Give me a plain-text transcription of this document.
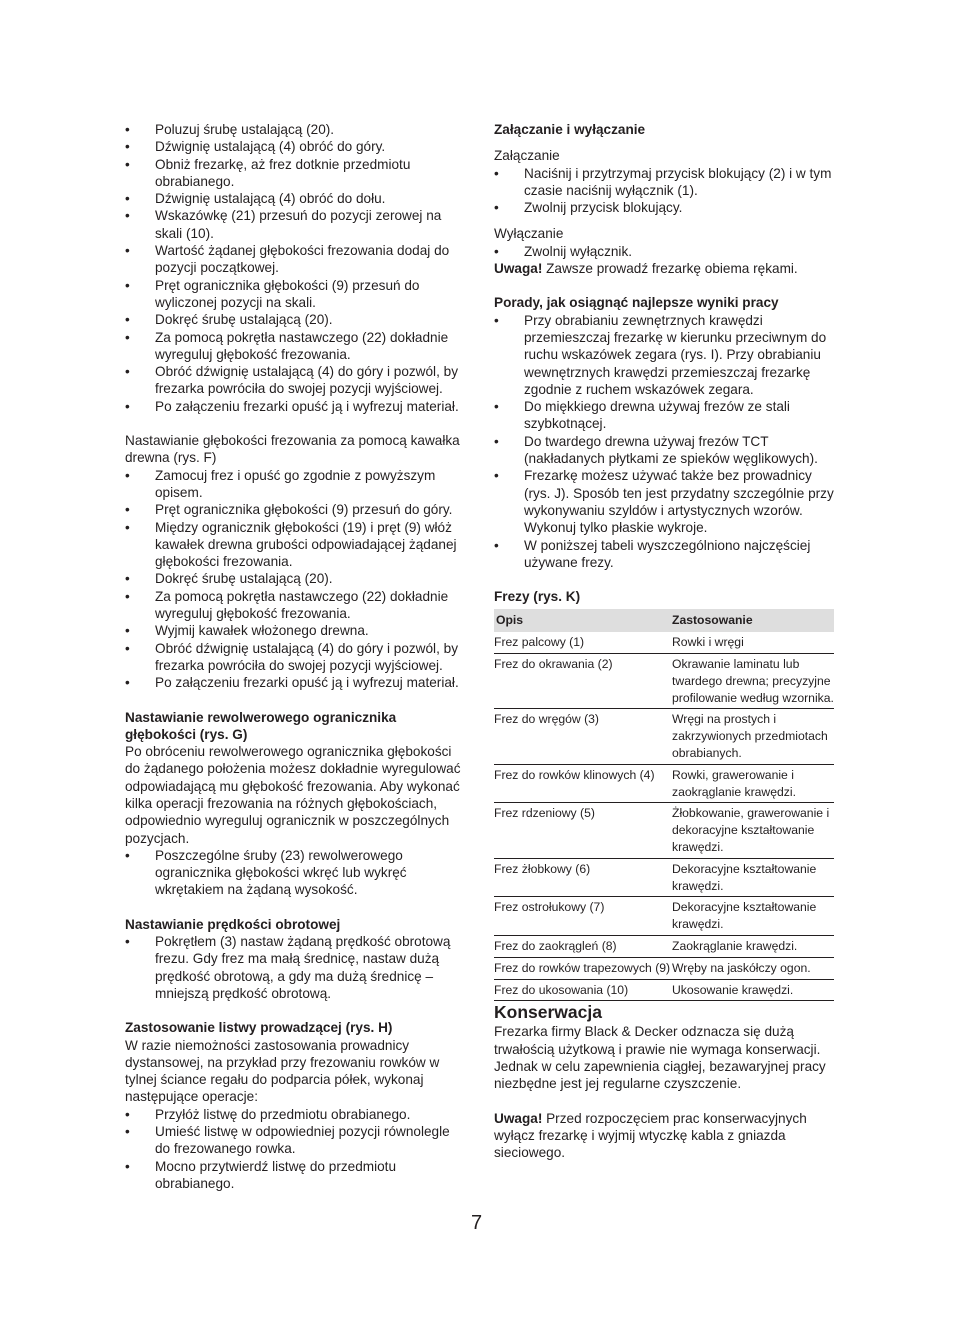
• Poluzuj śrubę ustalającą (20).
• Dźwignię ustalającą (4) obróć do góry.
• Obniż frezarkę, aż frez dotknie przedmiotu obrabianego.
• Dźwignię ustalającą (4) obróć do dołu.
• Wskazówkę (21) przesuń do pozycji zerowej na skali (10).
• Wartość żądanej głębokości frezowania dodaj do pozycji początkowej.
• Pręt ogranicznika głębokości (9) przesuń do wyliczonej pozycji na skali.
• Dokręć śrubę ustalającą (20).
• Za pomocą pokrętła nastawczego (22) dokładnie wyreguluj głębokość frezowania.
• Obróć dźwignię ustalającą (4) do góry i pozwól, by frezarka powróciła do swojej pozycji wyjściowej.
• Po załączeniu frezarki opuść ją i wyfrezuj materiał.

Nastawianie głębokości frezowania za pomocą kawałka drewna (rys. F)

• Zamocuj frez i opuść go zgodnie z powyższym opisem.
• Pręt ogranicznika głębokości (9) przesuń do góry.
• Między ogranicznik głębokości (19) i pręt (9) włóż kawałek drewna grubości odpowiadającej żądanej głębokości frezowania.
• Dokręć śrubę ustalającą (20).
• Za pomocą pokrętła nastawczego (22) dokładnie wyreguluj głębokość frezowania.
• Wyjmij kawałek włożonego drewna.
• Obróć dźwignię ustalającą (4) do góry i pozwól, by frezarka powróciła do swojej pozycji wyjściowej.
• Po załączeniu frezarki opuść ją i wyfrezuj materiał.

Nastawianie rewolwerowego ogranicznika głębokości (rys. G)

Po obróceniu rewolwerowego ogranicznika głębokości do żądanego położenia możesz dokładnie wyregulować odpowiadającą mu głębokość frezowania. Aby wykonać kilka operacji frezowania na różnych głębokościach, odpowiednio wyreguluj ogranicznik w poszczególnych pozycjach.

• Poszczególne śruby (23) rewolwerowego ogranicznika głębokości wkręć lub wykręć wkrętakiem na żądaną wysokość.

Nastawianie prędkości obrotowej

• Pokrętłem (3) nastaw żądaną prędkość obrotową frezu. Gdy frez ma małą średnicę, nastaw dużą prędkość obrotową, a gdy ma dużą średnicę – mniejszą prędkość obrotową.

Zastosowanie listwy prowadzącej (rys. H)

W razie niemożności zastosowania prowadnicy dystansowej, na przykład przy frezowaniu rowków w tylnej ściance regału do podparcia półek, wykonaj następujące operacje:

• Przyłóż listwę do przedmiotu obrabianego.
• Umieść listwę w odpowiedniej pozycji równolegle do frezowanego rowka.
• Mocno przytwierdź listwę do przedmiotu obrabianego.

Załączanie i wyłączanie

Załączanie

• Naciśnij i przytrzymaj przycisk blokujący (2) i w tym czasie naciśnij wyłącznik (1).
• Zwolnij przycisk blokujący.

Wyłączanie

• Zwolnij wyłącznik.

Uwaga! Zawsze prowadź frezarkę obiema rękami.

Porady, jak osiągnąć najlepsze wyniki pracy

• Przy obrabianiu zewnętrznych krawędzi przemieszczaj frezarkę w kierunku przeciwnym do ruchu wskazówek zegara (rys. I). Przy obrabianiu wewnętrznych krawędzi przemieszczaj frezarkę zgodnie z ruchem wskazówek zegara.
• Do miękkiego drewna używaj frezów ze stali szybkotnącej.
• Do twardego drewna używaj frezów TCT (nakładanych płytkami ze spieków węglikowych).
• Frezarkę możesz używać także bez prowadnicy (rys. J). Sposób ten jest przydatny szczególnie przy wykonywaniu szyldów i artystycznych wzorów. Wykonuj tylko płaskie wykroje.
• W poniższej tabeli wyszczególniono najczęściej używane frezy.

Frezy (rys. K)

Opis	Zastosowanie
Frez palcowy (1)	Rowki i wręgi
Frez do okrawania (2)	Okrawanie laminatu lub twardego drewna; precyzyjne profilowanie według wzornika.
Frez do wręgów (3)	Wręgi na prostych i zakrzywionych przedmiotach obrabianych.
Frez do rowków klinowych (4)	Rowki, grawerowanie i zaokrąglanie krawędzi.
Frez rdzeniowy (5)	Żłobkowanie, grawerowanie i dekoracyjne kształtowanie krawędzi.
Frez żłobkowy (6)	Dekoracyjne kształtowanie krawędzi.
Frez ostrołukowy (7)	Dekoracyjne kształtowanie krawędzi.
Frez do zaokrągleń (8)	Zaokrąglanie krawędzi.
Frez do rowków trapezowych (9)	Wręby na jaskółczy ogon.
Frez do ukosowania (10)	Ukosowanie krawędzi.

Konserwacja

Frezarka firmy Black & Decker odznacza się dużą trwałością użytkową i prawie nie wymaga konserwacji. Jednak w celu zapewnienia ciągłej, bezawaryjnej pracy niezbędne jest jej regularne czyszczenie.

Uwaga! Przed rozpoczęciem prac konserwacyjnych wyłącz frezarkę i wyjmij wtyczkę kabla z gniazda sieciowego.

7
